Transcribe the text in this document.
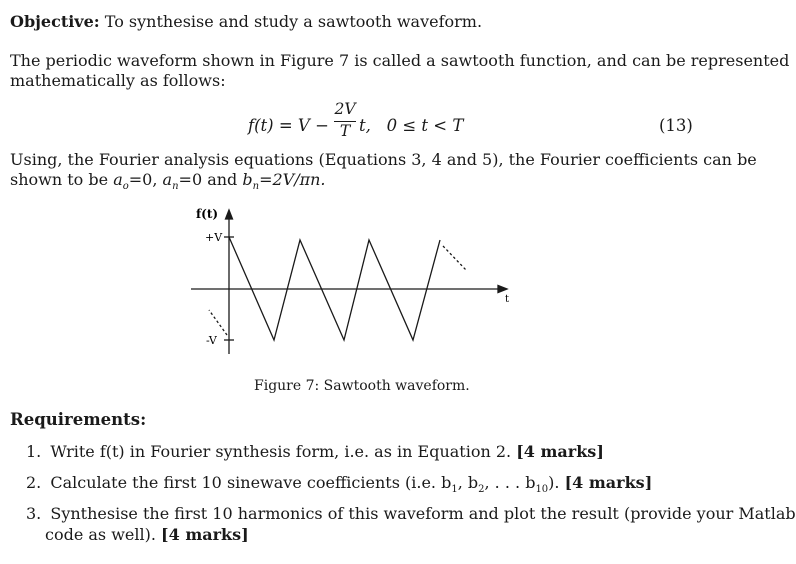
Objective: To synthesise and study a sawtooth waveform.
The periodic waveform shown in Figure 7 is called a sawtooth function, and can be represented
mathematically as follows:
f(t) = V −
2V
T t,   0 ≤ t < T	(13)
Using, the Fourier analysis equations (Equations 3, 4 and 5), the Fourier coefficients can be
shown to be $a_o=0$, $a_n=0$ and $b_n=2V/\pi n$.
f(t)
t
+V
-V
Figure 7: Sawtooth waveform.
Requirements:
1. Write f(t) in Fourier synthesis form, i.e. as in Equation 2. [4 marks]
2. Calculate the first 10 sinewave coefficients (i.e. $b_1$, $b_2$, . . . $b_{10}$). [4 marks]
3. Synthesise the first 10 harmonics of this waveform and plot the result (provide your Matlab
code as well). [4 marks]
